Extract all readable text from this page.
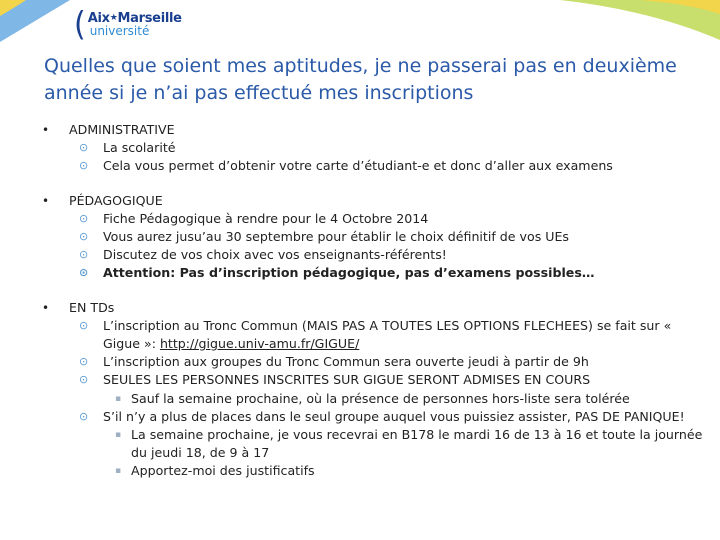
( Aix★Marseille
université
Quelles que soient mes aptitudes, je ne passerai pas en deuxième année si je n’ai pas effectué mes inscriptions
• ADMINISTRATIVE
⊙ La scolarité
⊙ Cela vous permet d’obtenir votre carte d’étudiant-e et donc d’aller aux examens
• PÉDAGOGIQUE
⊙ Fiche Pédagogique à rendre pour le 4 Octobre 2014
⊙ Vous aurez jusu’au 30 septembre pour établir le choix définitif de vos UEs
⊙ Discutez de vos choix avec vos enseignants-référents!
⊙ Attention: Pas d’inscription pédagogique, pas d’examens possibles…
• EN TDs
⊙ L’inscription au Tronc Commun (MAIS PAS A TOUTES LES OPTIONS FLECHEES) se fait sur « Gigue »: http://gigue.univ-amu.fr/GIGUE/
⊙ L’inscription aux groupes du Tronc Commun sera ouverte jeudi à partir de 9h
⊙ SEULES LES PERSONNES INSCRITES SUR GIGUE SERONT ADMISES EN COURS
▪ Sauf la semaine prochaine, où la présence de personnes hors-liste sera tolérée
⊙ S’il n’y a plus de places dans le seul groupe auquel vous puissiez assister, PAS DE PANIQUE!
▪ La semaine prochaine, je vous recevrai en B178 le mardi 16 de 13 à 16 et toute la journée du jeudi 18, de 9 à 17
▪ Apportez-moi des justificatifs
